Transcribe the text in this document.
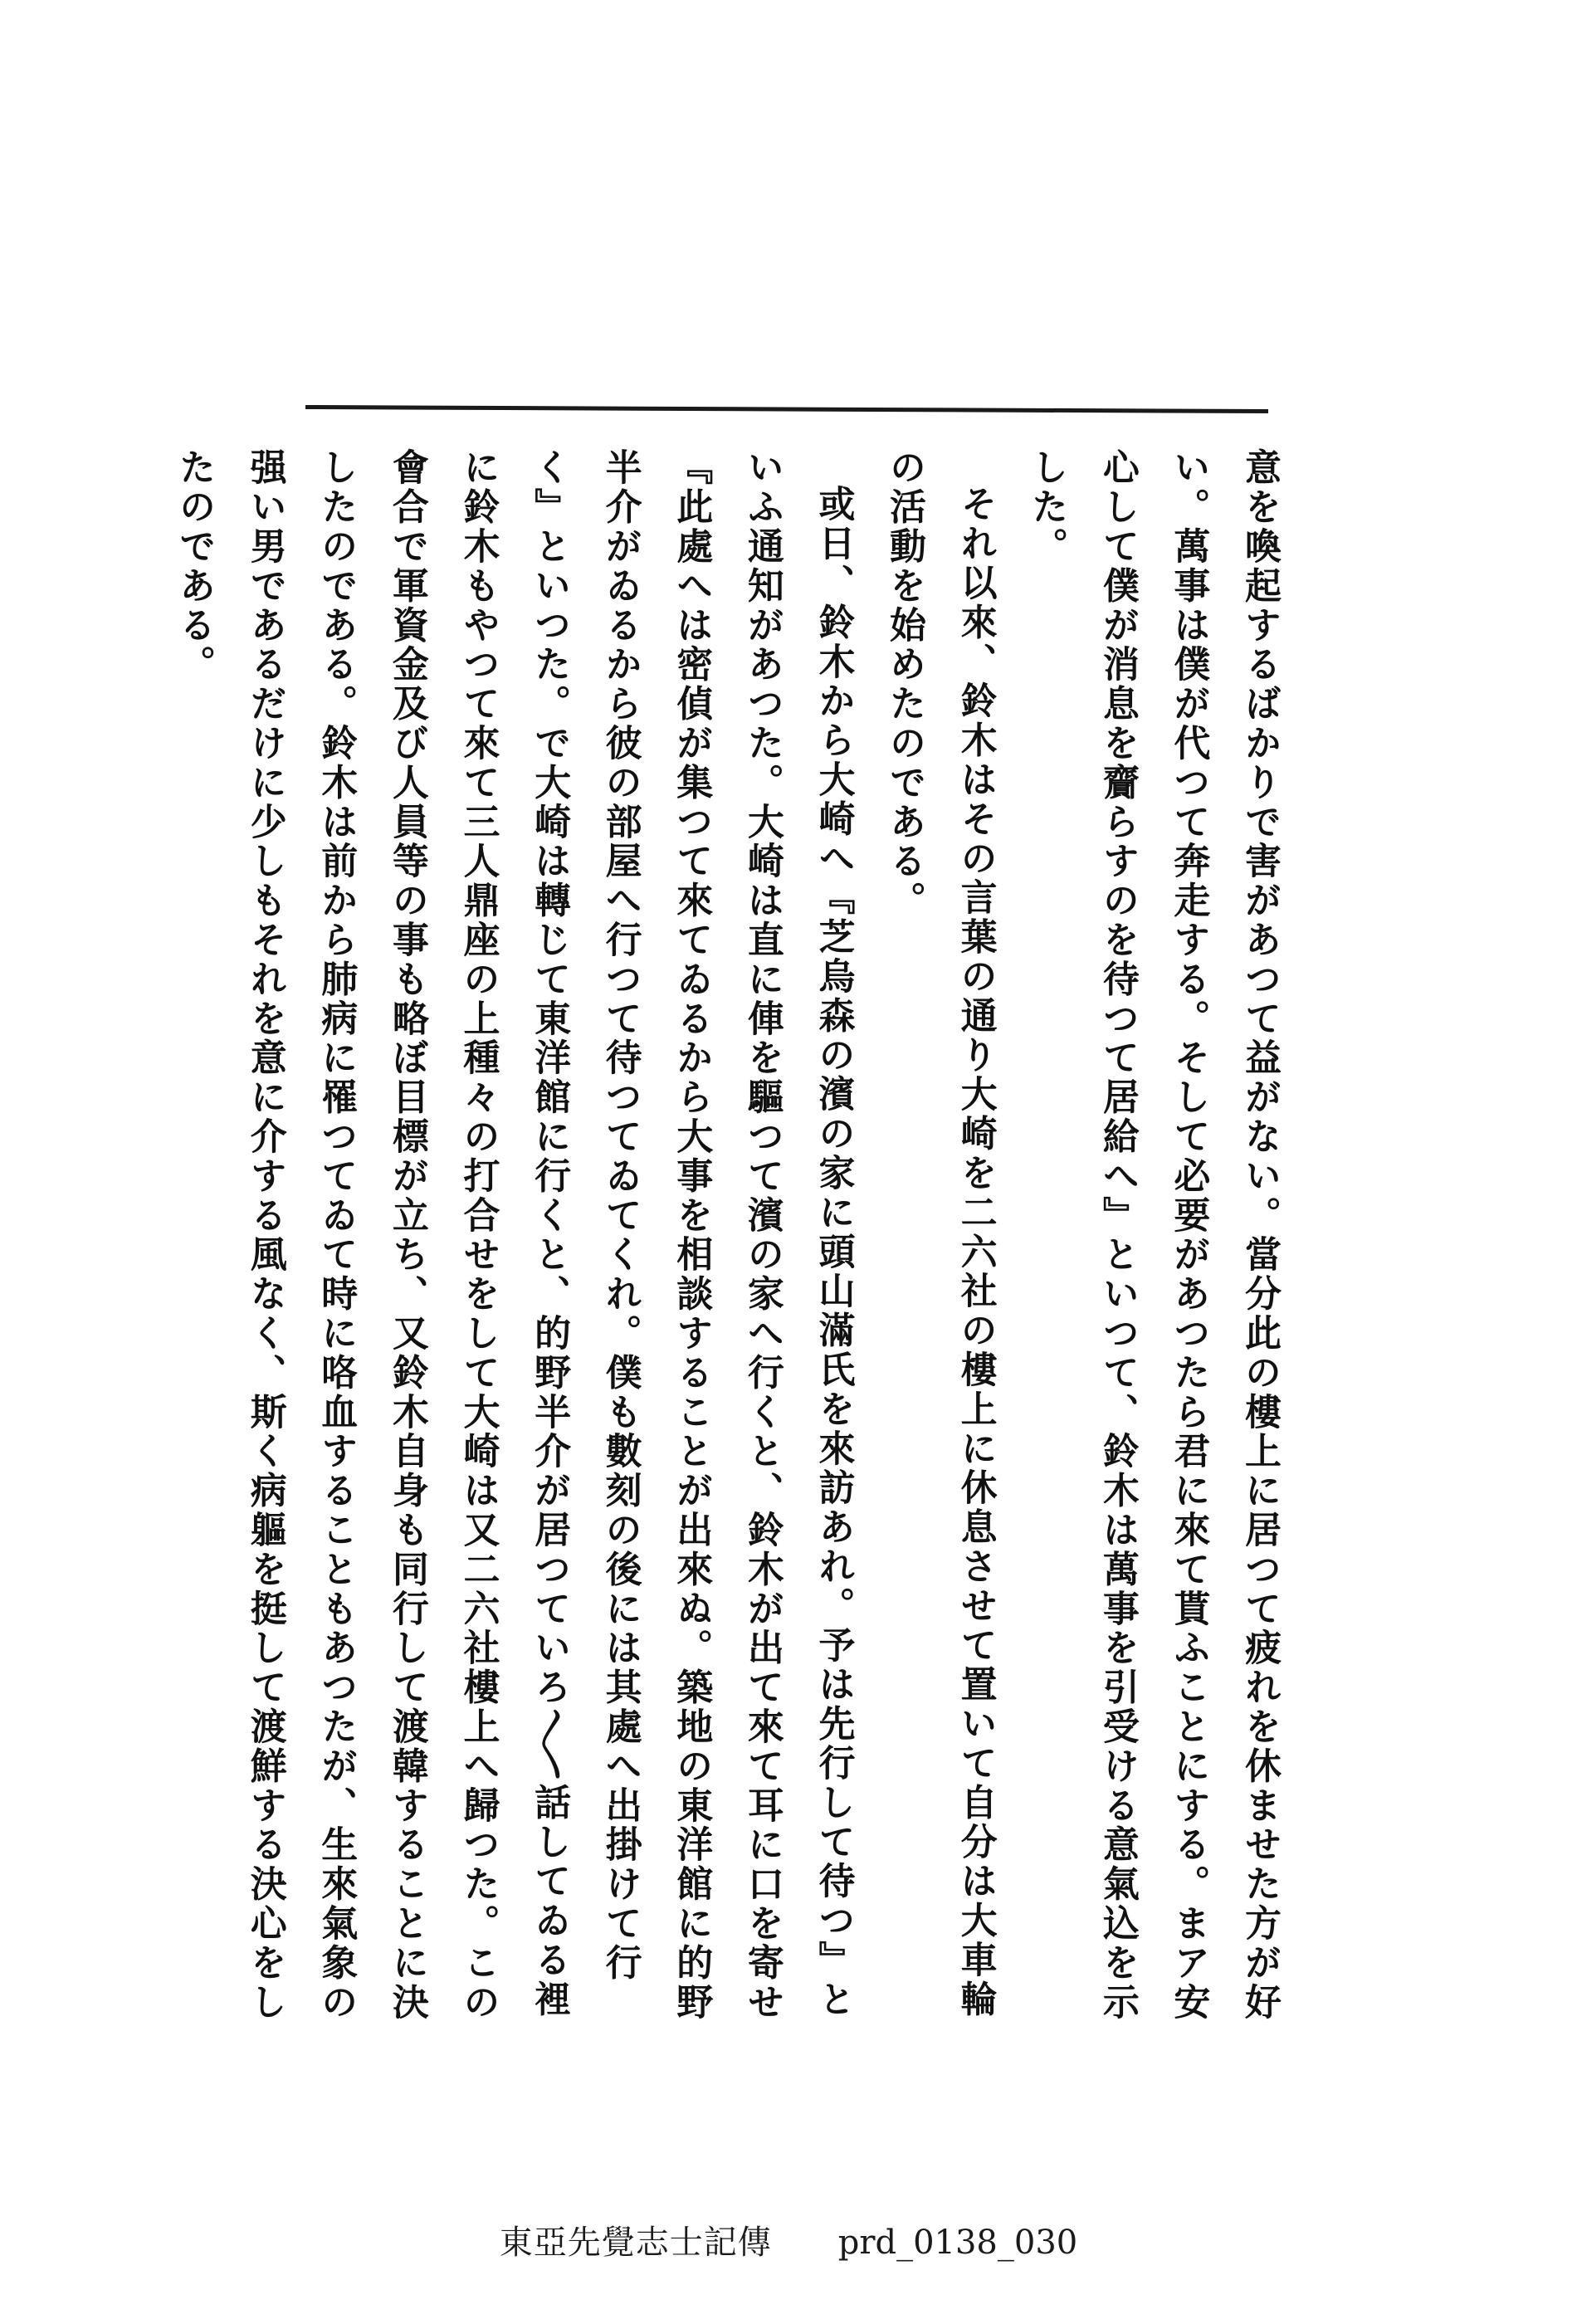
意を喚起するばかりで害があつて益がない。當分此の樓上に居つて疲れを休ませた方が好い。萬事は僕が代つて奔走する。そして必要があつたら君に來て貰ふことにする。まア安心して僕が消息を齎らすのを待つて居給へ』といつて、鈴木は萬事を引受ける意氣込を示した。

それ以來、鈴木はその言葉の通り大崎を二六社の樓上に休息させて置いて自分は大車輪の活動を始めたのである。

或日、鈴木から大崎へ『芝烏森の濱の家に頭山滿氏を來訪あれ。予は先行して待つ』といふ通知があつた。大崎は直に俥を驅つて濱の家へ行くと、鈴木が出て來て耳に口を寄せ『此處へは密偵が集つて來てゐるから大事を相談することが出來ぬ。築地の東洋館に的野半介がゐるから彼の部屋へ行つて待つてゐてくれ。僕も數刻の後には其處へ出掛けて行く』といつた。で大崎は轉じて東洋館に行くと、的野半介が居つていろ〳〵話してゐる裡に鈴木もやつて來て三人鼎座の上種々の打合せをして大崎は又二六社樓上へ歸つた。この會合で軍資金及び人員等の事も略ぼ目標が立ち、又鈴木自身も同行して渡韓することに決したのである。鈴木は前から肺病に罹つてゐて時に咯血することもあつたが、生來氣象の强い男であるだけに少しもそれを意に介する風なく、斯く病軀を挺して渡鮮する決心をしたのである。

東亞先覺志士記傳 prd_0138_030
